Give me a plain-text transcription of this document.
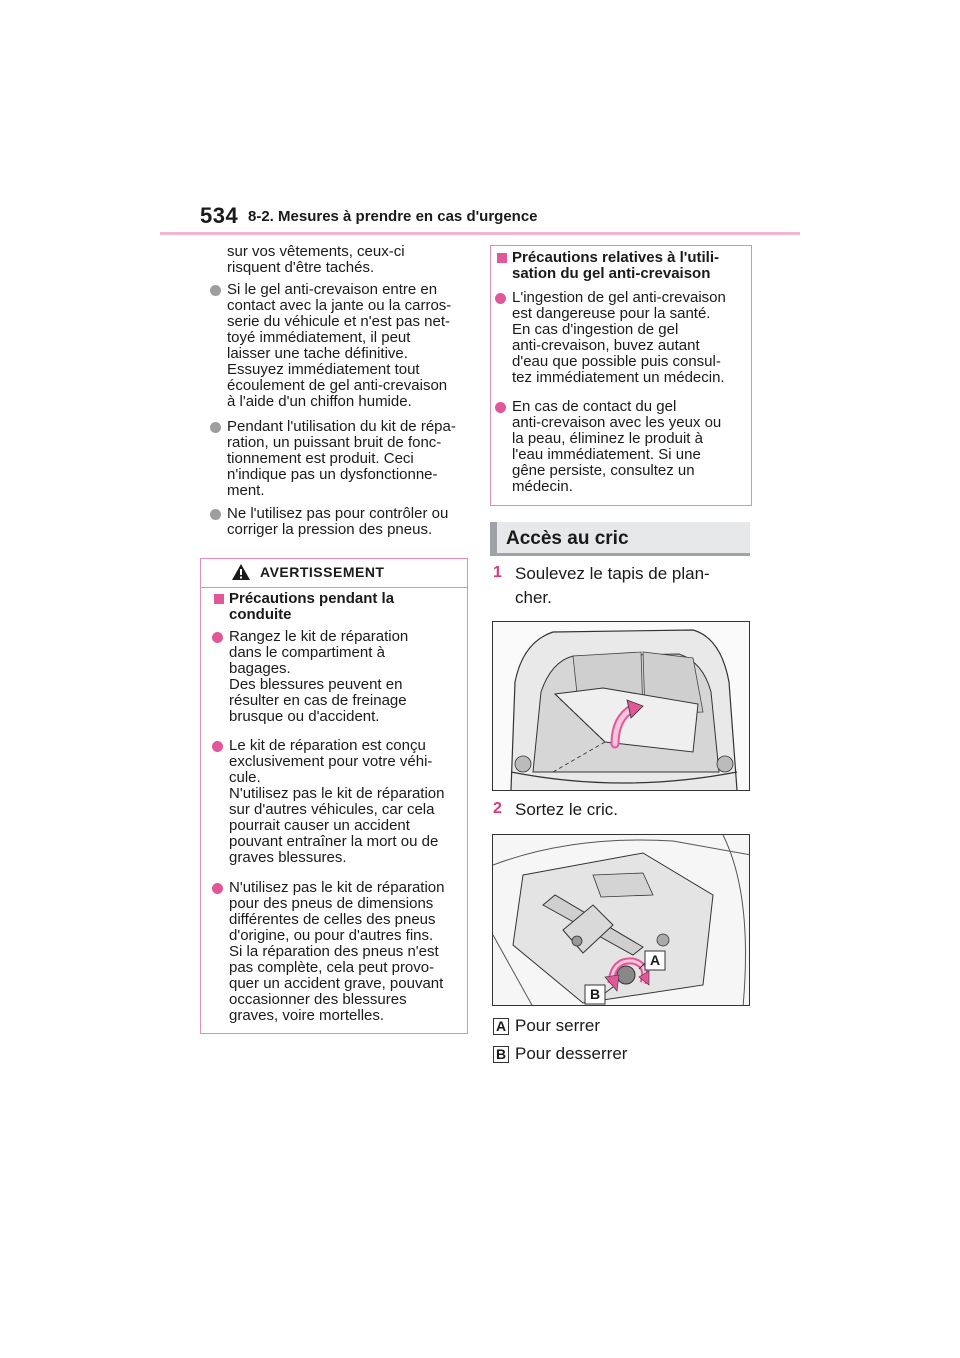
534 8-2. Mesures à prendre en cas d'urgence
sur vos vêtements, ceux-ci
risquent d'être tachés.
Si le gel anti-crevaison entre en
contact avec la jante ou la carros-
serie du véhicule et n'est pas net-
toyé immédiatement, il peut
laisser une tache définitive.
Essuyez immédiatement tout
écoulement de gel anti-crevaison
à l'aide d'un chiffon humide.
Pendant l'utilisation du kit de répa-
ration, un puissant bruit de fonc-
tionnement est produit. Ceci
n'indique pas un dysfonctionne-
ment.
Ne l'utilisez pas pour contrôler ou
corriger la pression des pneus.
AVERTISSEMENT
Précautions pendant la
conduite
Rangez le kit de réparation
dans le compartiment à
bagages.
Des blessures peuvent en
résulter en cas de freinage
brusque ou d'accident.
Le kit de réparation est conçu
exclusivement pour votre véhi-
cule.
N'utilisez pas le kit de réparation
sur d'autres véhicules, car cela
pourrait causer un accident
pouvant entraîner la mort ou de
graves blessures.
N'utilisez pas le kit de réparation
pour des pneus de dimensions
différentes de celles des pneus
d'origine, ou pour d'autres fins.
Si la réparation des pneus n'est
pas complète, cela peut provo-
quer un accident grave, pouvant
occasionner des blessures
graves, voire mortelles.
Précautions relatives à l'utili-
sation du gel anti-crevaison
L'ingestion de gel anti-crevaison
est dangereuse pour la santé.
En cas d'ingestion de gel
anti-crevaison, buvez autant
d'eau que possible puis consul-
tez immédiatement un médecin.
En cas de contact du gel
anti-crevaison avec les yeux ou
la peau, éliminez le produit à
l'eau immédiatement. Si une
gêne persiste, consultez un
médecin.
Accès au cric
1 Soulevez le tapis de plan-
cher.
2 Sortez le cric.
A
B
A Pour serrer
B Pour desserrer
